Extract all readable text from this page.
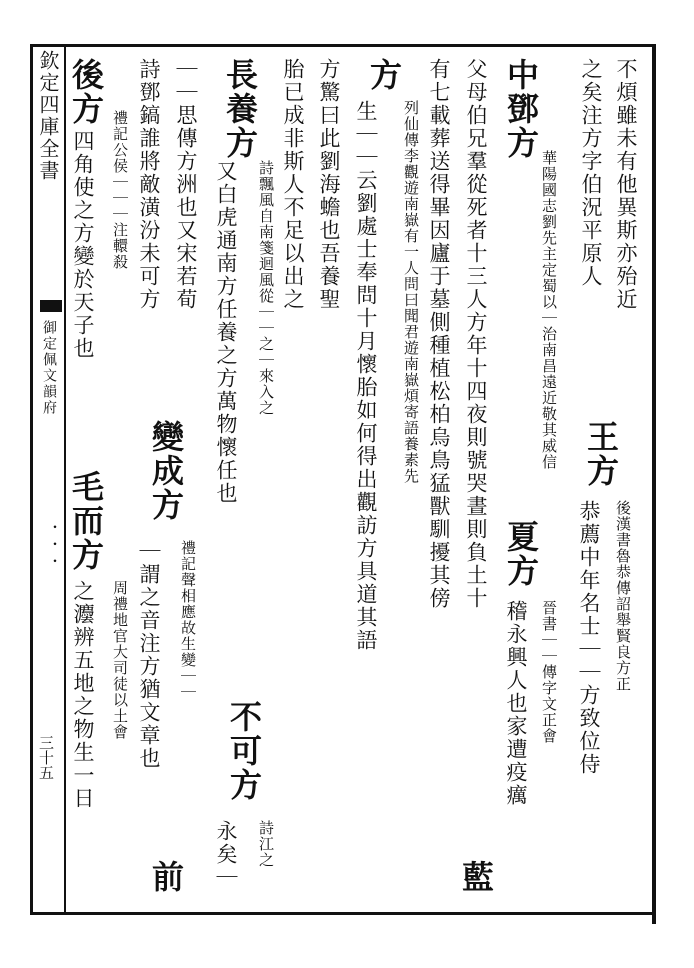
欽定四庫全書
御定佩文韻府
・・・
三十五
不煩雖未有他異斯亦殆近
之矣注方字伯況平原人
中鄧方
華陽國志劉先主定蜀以｜治南昌遠近敬其威信
父母伯兄羣從死者十三人方年十四夜則號哭晝則負土十
有七載葬送得畢因廬于墓側種植松柏烏鳥猛獸馴擾其傍
方
列仙傳李觀遊南嶽有一人問曰聞君遊南嶽煩寄語養素先
生｜｜云劉處士奉問十月懷胎如何得出觀訪方具道其語
方驚曰此劉海蟾也吾養聖
胎已成非斯人不足以出之
長養方
詩飄風自南箋迴風從｜｜之｜來入之
又白虎通南方任養之方萬物懷任也
｜｜思傳方洲也又宋若荀
詩鄧鎬誰將敵潢汾未可方
後方
禮記公侯｜｜｜注轘殺
四角使之方變於天子也
毛而方
周禮地官大司徒以土會
之灋辨五地之物生一日
王方
後漢書魯恭傳詔舉賢良方正
恭薦中年名士｜｜方致位侍
夏方
晉書｜｜傳字文正會
稽永興人也家遭疫癘
藍
不可方
詩江之
永矣｜
變成方
禮記聲相應故生變｜｜
｜謂之音注方猶文章也
前
